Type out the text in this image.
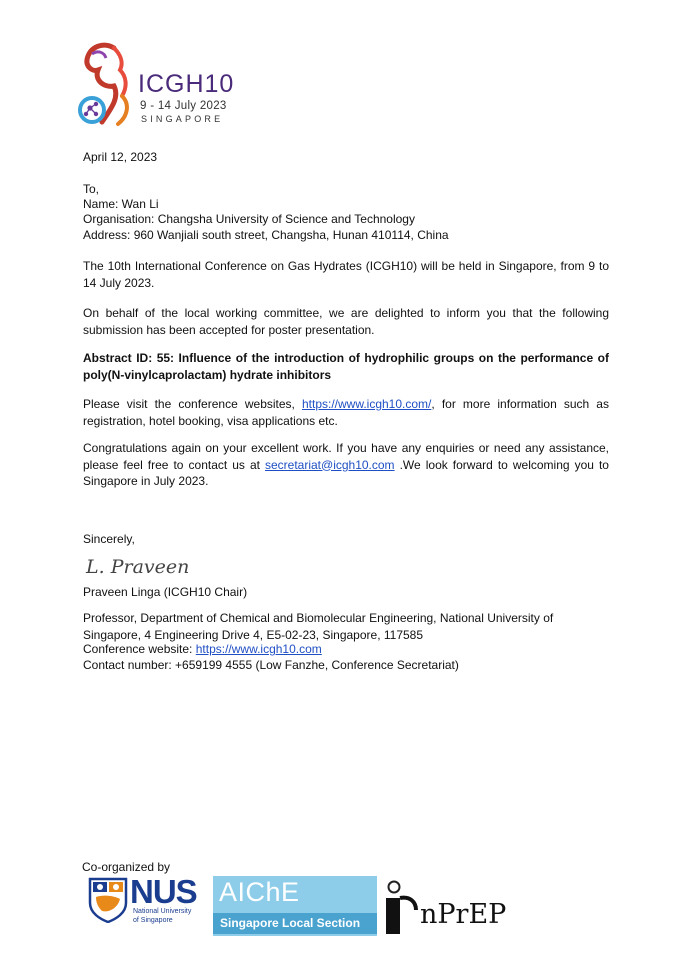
ICGH10
9 - 14 July 2023
SINGAPORE
April 12, 2023
To,
Name: Wan Li
Organisation: Changsha University of Science and Technology
Address: 960 Wanjiali south street, Changsha, Hunan 410114, China
The 10th International Conference on Gas Hydrates (ICGH10) will be held in Singapore, from 9 to 14 July 2023.
On behalf of the local working committee, we are delighted to inform you that the following submission has been accepted for poster presentation.
Abstract ID: 55: Influence of the introduction of hydrophilic groups on the performance of poly(N-vinylcaprolactam) hydrate inhibitors
Please visit the conference websites, https://www.icgh10.com/, for more information such as registration, hotel booking, visa applications etc.
Congratulations again on your excellent work. If you have any enquiries or need any assistance, please feel free to contact us at secretariat@icgh10.com .We look forward to welcoming you to Singapore in July 2023.
Sincerely,
L. Praveen
Praveen Linga (ICGH10 Chair)
Professor, Department of Chemical and Biomolecular Engineering, National University of Singapore, 4 Engineering Drive 4, E5-02-23, Singapore, 117585
Conference website: https://www.icgh10.com
Contact number: +659199 4555 (Low Fanzhe, Conference Secretariat)
Co-organized by
NUS
National University
of Singapore
AIChE
Singapore Local Section nPrEP
